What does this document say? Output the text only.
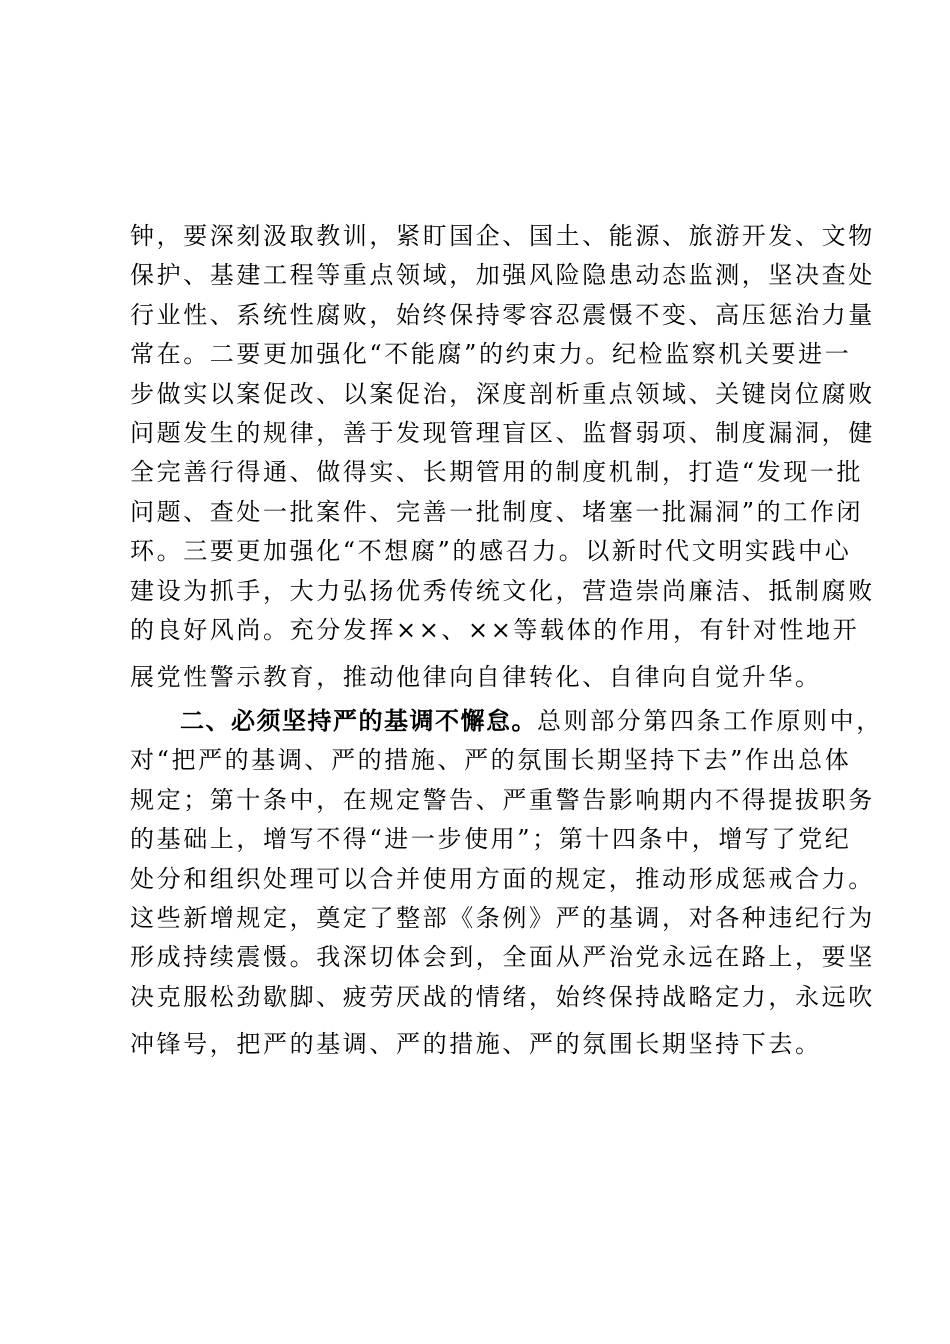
钟，要深刻汲取教训，紧盯国企、国土、能源、旅游开发、文物
保护、基建工程等重点领域，加强风险隐患动态监测，坚决查处
行业性、系统性腐败，始终保持零容忍震慑不变、高压惩治力量
常在。二要更加强化“不能腐”的约束力。纪检监察机关要进一
步做实以案促改、以案促治，深度剖析重点领域、关键岗位腐败
问题发生的规律，善于发现管理盲区、监督弱项、制度漏洞，健
全完善行得通、做得实、长期管用的制度机制，打造“发现一批
问题、查处一批案件、完善一批制度、堵塞一批漏洞”的工作闭
环。三要更加强化“不想腐”的感召力。以新时代文明实践中心
建设为抓手，大力弘扬优秀传统文化，营造崇尚廉洁、抵制腐败
的良好风尚。充分发挥××、××等载体的作用，有针对性地开
展党性警示教育，推动他律向自律转化、自律向自觉升华。
二、必须坚持严的基调不懈怠。总则部分第四条工作原则中，
对“把严的基调、严的措施、严的氛围长期坚持下去”作出总体
规定；第十条中，在规定警告、严重警告影响期内不得提拔职务
的基础上，增写不得“进一步使用”；第十四条中，增写了党纪
处分和组织处理可以合并使用方面的规定，推动形成惩戒合力。
这些新增规定，奠定了整部《条例》严的基调，对各种违纪行为
形成持续震慑。我深切体会到，全面从严治党永远在路上，要坚
决克服松劲歇脚、疲劳厌战的情绪，始终保持战略定力，永远吹
冲锋号，把严的基调、严的措施、严的氛围长期坚持下去。
